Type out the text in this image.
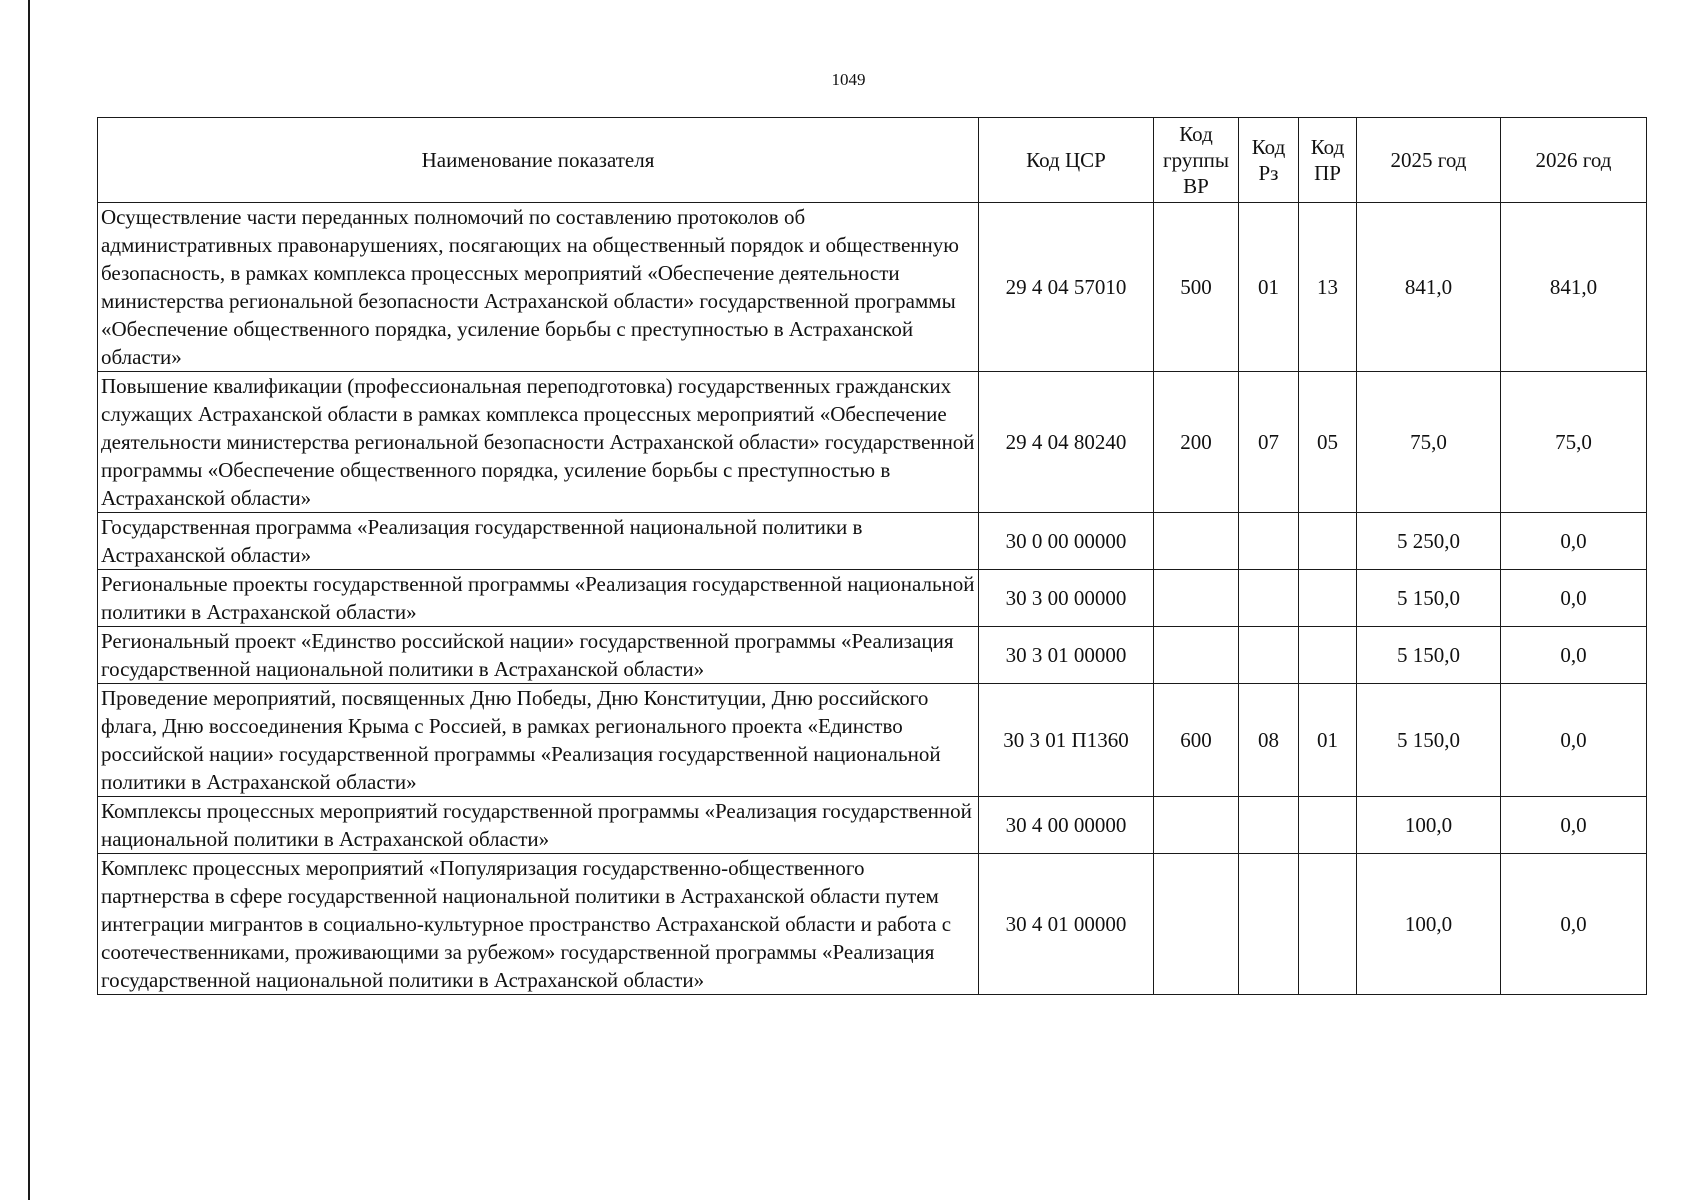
1049
Наименование показателя	Код ЦСР	Код группы ВР	Код Рз	Код ПР	2025 год	2026 год
Осуществление части переданных полномочий по составлению протоколов об административных правонарушениях, посягающих на общественный порядок и общественную безопасность, в рамках комплекса процессных мероприятий «Обеспечение деятельности министерства региональной безопасности Астраханской области» государственной программы «Обеспечение общественного порядка, усиление борьбы с преступностью в Астраханской области»	29 4 04 57010	500	01	13	841,0	841,0
Повышение квалификации (профессиональная переподготовка) государственных гражданских служащих Астраханской области в рамках комплекса процессных мероприятий «Обеспечение деятельности министерства региональной безопасности Астраханской области» государственной программы «Обеспечение общественного порядка, усиление борьбы с преступностью в Астраханской области»	29 4 04 80240	200	07	05	75,0	75,0
Государственная программа «Реализация государственной национальной политики в Астраханской области»	30 0 00 00000				5 250,0	0,0
Региональные проекты государственной программы «Реализация государственной национальной политики в Астраханской области»	30 3 00 00000				5 150,0	0,0
Региональный проект «Единство российской нации» государственной программы «Реализация государственной национальной политики в Астраханской области»	30 3 01 00000				5 150,0	0,0
Проведение мероприятий, посвященных Дню Победы, Дню Конституции, Дню российского флага, Дню воссоединения Крыма с Россией, в рамках регионального проекта «Единство российской нации» государственной программы «Реализация государственной национальной политики в Астраханской области»	30 3 01 П1360	600	08	01	5 150,0	0,0
Комплексы процессных мероприятий государственной программы «Реализация государственной национальной политики в Астраханской области»	30 4 00 00000				100,0	0,0
Комплекс процессных мероприятий «Популяризация государственно-общественного партнерства в сфере государственной национальной политики в Астраханской области путем интеграции мигрантов в социально-культурное пространство Астраханской области и работа с соотечественниками, проживающими за рубежом» государственной программы «Реализация государственной национальной политики в Астраханской области»	30 4 01 00000				100,0	0,0
